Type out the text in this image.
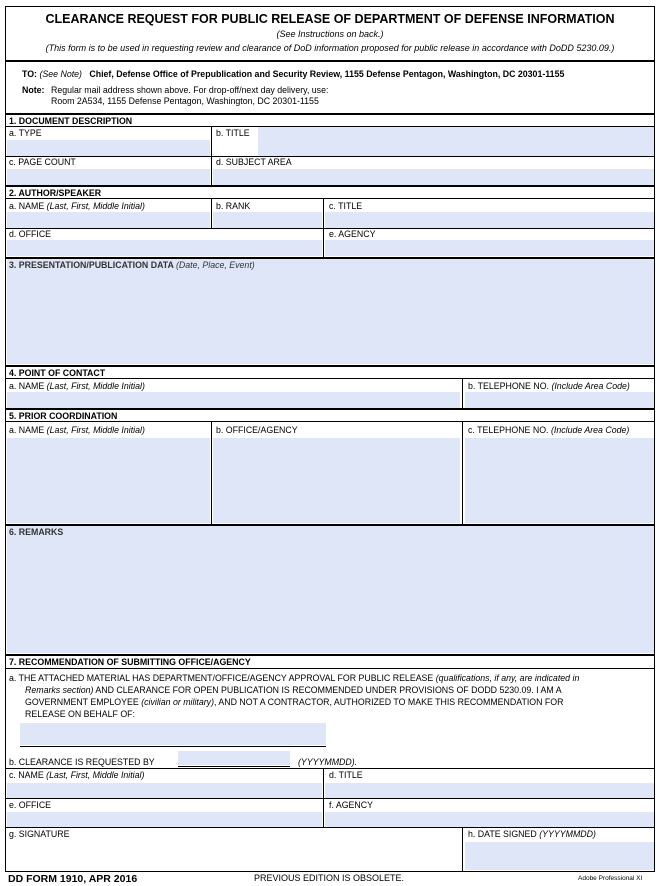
CLEARANCE REQUEST FOR PUBLIC RELEASE OF DEPARTMENT OF DEFENSE INFORMATION
(See Instructions on back.)
(This form is to be used in requesting review and clearance of DoD information proposed for public release in accordance with DoDD 5230.09.)
TO: (See Note) Chief, Defense Office of Prepublication and Security Review, 1155 Defense Pentagon, Washington, DC 20301-1155
Note: Regular mail address shown above. For drop-off/next day delivery, use:
Room 2A534, 1155 Defense Pentagon, Washington, DC 20301-1155
1. DOCUMENT DESCRIPTION
a. TYPE	b. TITLE
c. PAGE COUNT	d. SUBJECT AREA
2. AUTHOR/SPEAKER
a. NAME (Last, First, Middle Initial)	b. RANK	c. TITLE
d. OFFICE	e. AGENCY
3. PRESENTATION/PUBLICATION DATA (Date, Place, Event)
4. POINT OF CONTACT
a. NAME (Last, First, Middle Initial)	b. TELEPHONE NO. (Include Area Code)
5. PRIOR COORDINATION
a. NAME (Last, First, Middle Initial)	b. OFFICE/AGENCY	c. TELEPHONE NO. (Include Area Code)
6. REMARKS
7. RECOMMENDATION OF SUBMITTING OFFICE/AGENCY
a. THE ATTACHED MATERIAL HAS DEPARTMENT/OFFICE/AGENCY APPROVAL FOR PUBLIC RELEASE (qualifications, if any, are indicated in
Remarks section) AND CLEARANCE FOR OPEN PUBLICATION IS RECOMMENDED UNDER PROVISIONS OF DODD 5230.09. I AM A
GOVERNMENT EMPLOYEE (civilian or military), AND NOT A CONTRACTOR, AUTHORIZED TO MAKE THIS RECOMMENDATION FOR
RELEASE ON BEHALF OF:
b. CLEARANCE IS REQUESTED BY	(YYYYMMDD).
c. NAME (Last, First, Middle Initial)	d. TITLE
e. OFFICE	f. AGENCY
g. SIGNATURE	h. DATE SIGNED (YYYYMMDD)
DD FORM 1910, APR 2016	PREVIOUS EDITION IS OBSOLETE.	Adobe Professional XI
